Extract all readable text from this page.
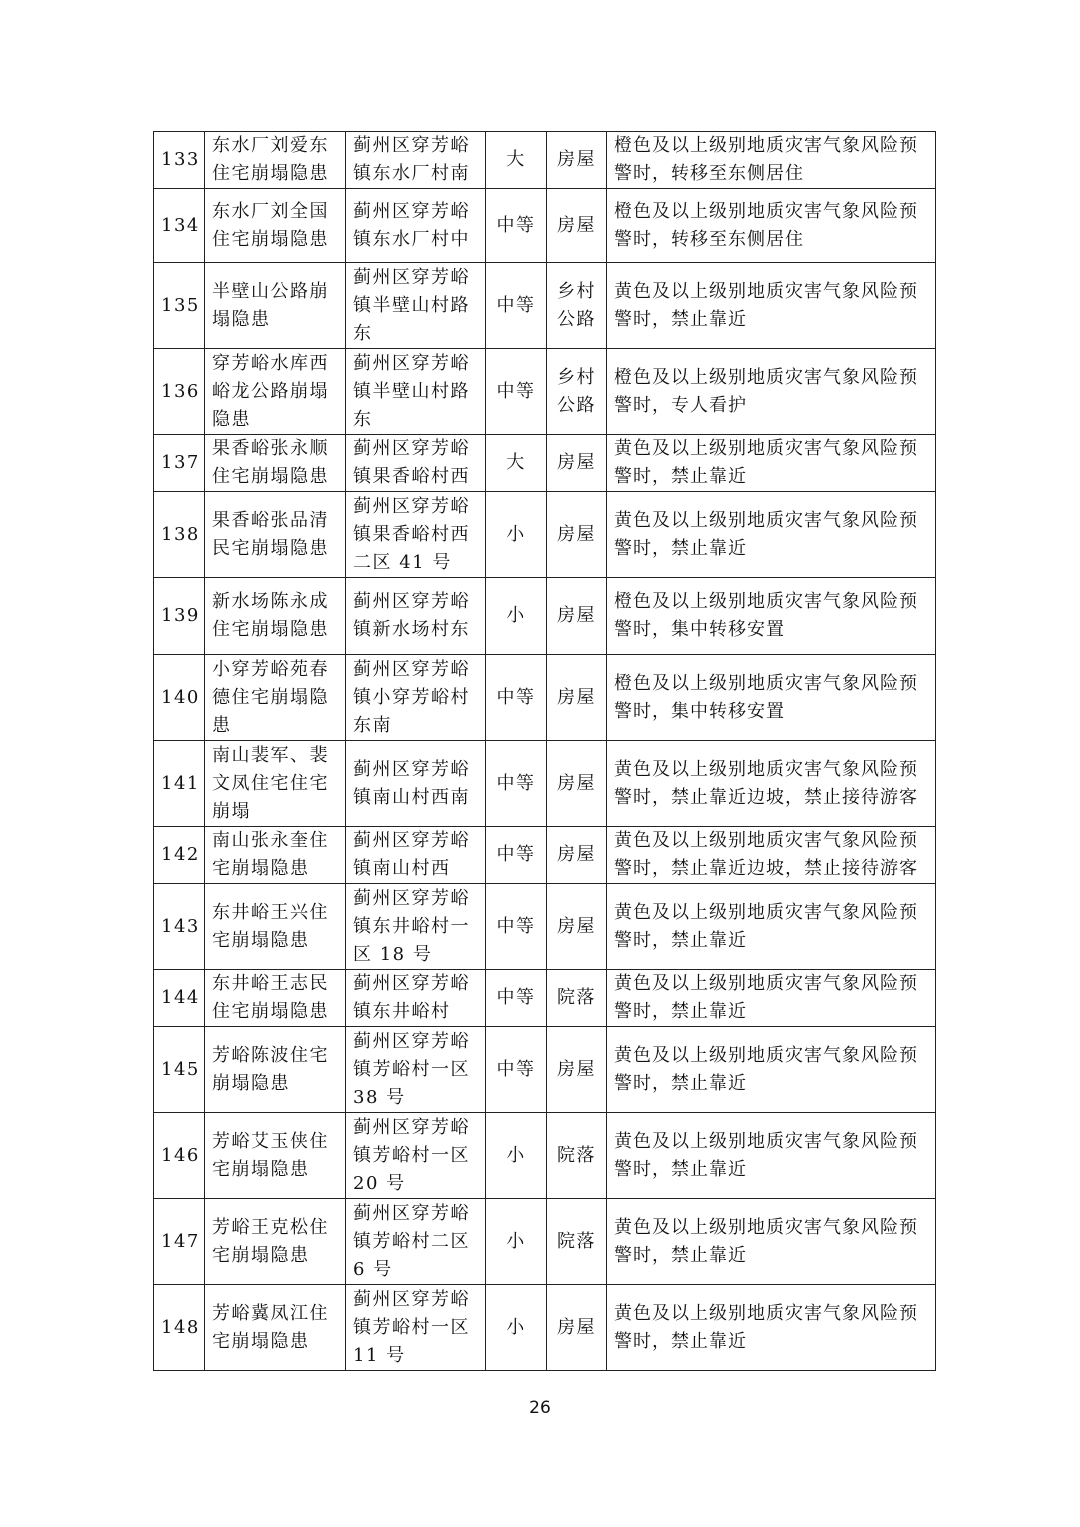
133	东水厂刘爱东住宅崩塌隐患	蓟州区穿芳峪镇东水厂村南	大	房屋	橙色及以上级别地质灾害气象风险预警时，转移至东侧居住
134	东水厂刘全国住宅崩塌隐患	蓟州区穿芳峪镇东水厂村中	中等	房屋	橙色及以上级别地质灾害气象风险预警时，转移至东侧居住
135	半壁山公路崩塌隐患	蓟州区穿芳峪镇半壁山村路东	中等	乡村公路	黄色及以上级别地质灾害气象风险预警时，禁止靠近
136	穿芳峪水库西峪龙公路崩塌隐患	蓟州区穿芳峪镇半壁山村路东	中等	乡村公路	橙色及以上级别地质灾害气象风险预警时，专人看护
137	果香峪张永顺住宅崩塌隐患	蓟州区穿芳峪镇果香峪村西	大	房屋	黄色及以上级别地质灾害气象风险预警时，禁止靠近
138	果香峪张品清民宅崩塌隐患	蓟州区穿芳峪镇果香峪村西二区 41 号	小	房屋	黄色及以上级别地质灾害气象风险预警时，禁止靠近
139	新水场陈永成住宅崩塌隐患	蓟州区穿芳峪镇新水场村东	小	房屋	橙色及以上级别地质灾害气象风险预警时，集中转移安置
140	小穿芳峪苑春德住宅崩塌隐患	蓟州区穿芳峪镇小穿芳峪村东南	中等	房屋	橙色及以上级别地质灾害气象风险预警时，集中转移安置
141	南山裴军、裴文凤住宅住宅崩塌	蓟州区穿芳峪镇南山村西南	中等	房屋	黄色及以上级别地质灾害气象风险预警时，禁止靠近边坡，禁止接待游客
142	南山张永奎住宅崩塌隐患	蓟州区穿芳峪镇南山村西	中等	房屋	黄色及以上级别地质灾害气象风险预警时，禁止靠近边坡，禁止接待游客
143	东井峪王兴住宅崩塌隐患	蓟州区穿芳峪镇东井峪村一区 18 号	中等	房屋	黄色及以上级别地质灾害气象风险预警时，禁止靠近
144	东井峪王志民住宅崩塌隐患	蓟州区穿芳峪镇东井峪村	中等	院落	黄色及以上级别地质灾害气象风险预警时，禁止靠近
145	芳峪陈波住宅崩塌隐患	蓟州区穿芳峪镇芳峪村一区 38 号	中等	房屋	黄色及以上级别地质灾害气象风险预警时，禁止靠近
146	芳峪艾玉侠住宅崩塌隐患	蓟州区穿芳峪镇芳峪村一区 20 号	小	院落	黄色及以上级别地质灾害气象风险预警时，禁止靠近
147	芳峪王克松住宅崩塌隐患	蓟州区穿芳峪镇芳峪村二区 6 号	小	院落	黄色及以上级别地质灾害气象风险预警时，禁止靠近
148	芳峪冀凤江住宅崩塌隐患	蓟州区穿芳峪镇芳峪村一区 11 号	小	房屋	黄色及以上级别地质灾害气象风险预警时，禁止靠近
26
